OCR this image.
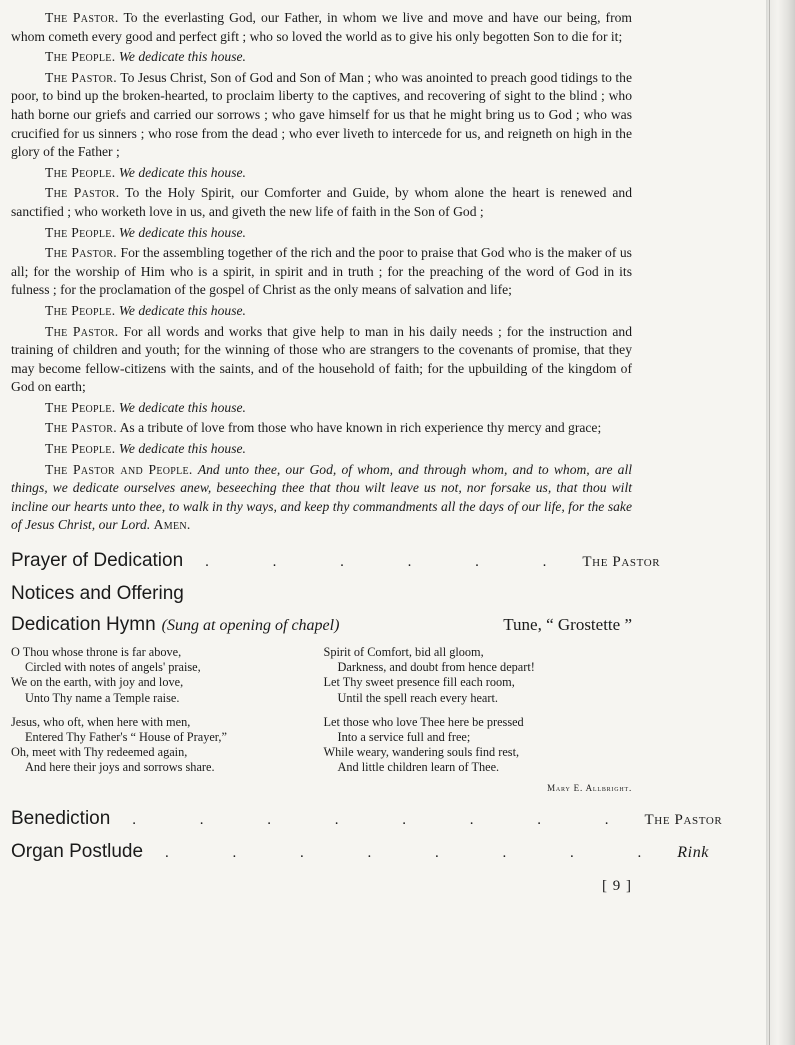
The Pastor. To the everlasting God, our Father, in whom we live and move and have our being, from whom cometh every good and perfect gift ; who so loved the world as to give his only begotten Son to die for it;

The People. We dedicate this house.

The Pastor. To Jesus Christ, Son of God and Son of Man ; who was anointed to preach good tidings to the poor, to bind up the broken-hearted, to proclaim liberty to the captives, and recovering of sight to the blind ; who hath borne our griefs and carried our sorrows ; who gave himself for us that he might bring us to God ; who was crucified for us sinners ; who rose from the dead ; who ever liveth to intercede for us, and reigneth on high in the glory of the Father ;

The People. We dedicate this house.

The Pastor. To the Holy Spirit, our Comforter and Guide, by whom alone the heart is renewed and sanctified ; who worketh love in us, and giveth the new life of faith in the Son of God ;

The People. We dedicate this house.

The Pastor. For the assembling together of the rich and the poor to praise that God who is the maker of us all; for the worship of Him who is a spirit, in spirit and in truth ; for the preaching of the word of God in its fulness ; for the proclamation of the gospel of Christ as the only means of salvation and life;

The People. We dedicate this house.

The Pastor. For all words and works that give help to man in his daily needs ; for the instruction and training of children and youth; for the winning of those who are strangers to the covenants of promise, that they may become fellow-citizens with the saints, and of the household of faith; for the upbuilding of the kingdom of God on earth;

The People. We dedicate this house.

The Pastor. As a tribute of love from those who have known in rich experience thy mercy and grace;

The People. We dedicate this house.

The Pastor and People. And unto thee, our God, of whom, and through whom, and to whom, are all things, we dedicate ourselves anew, beseeching thee that thou wilt leave us not, nor forsake us, that thou wilt incline our hearts unto thee, to walk in thy ways, and keep thy commandments all the days of our life, for the sake of Jesus Christ, our Lord. Amen.

Prayer of Dedication . . . . . . The Pastor
Notices and Offering
Dedication Hymn (Sung at opening of chapel)	Tune, “ Grostette ”
O Thou whose throne is far above,
Circled with notes of angels' praise,
We on the earth, with joy and love,
Unto Thy name a Temple raise.
Jesus, who oft, when here with men,
Entered Thy Father's “ House of Prayer,”
Oh, meet with Thy redeemed again,
And here their joys and sorrows share.
Spirit of Comfort, bid all gloom,
Darkness, and doubt from hence depart!
Let Thy sweet presence fill each room,
Until the spell reach every heart.
Let those who love Thee here be pressed
Into a service full and free;
While weary, wandering souls find rest,
And little children learn of Thee.
Mary E. Allbright.
Benediction . . . . . . . . The Pastor
Organ Postlude . . . . . . . . Rink
[ 9 ]
